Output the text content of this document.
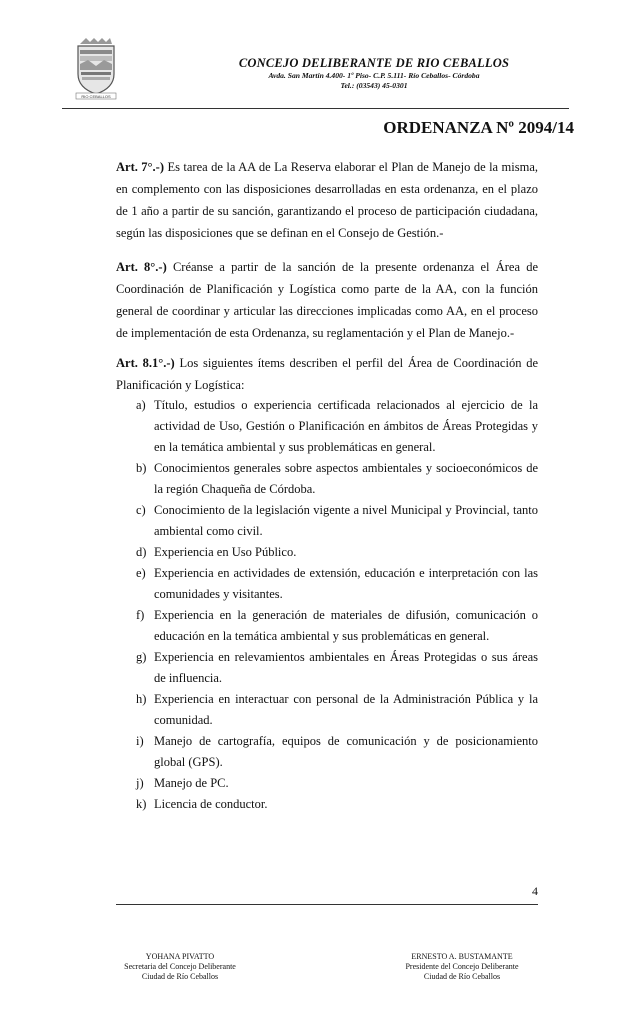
RIO CEBALLOS
CONCEJO DELIBERANTE DE RIO CEBALLOS
Avda. San Martín 4.400- 1º Piso- C.P. 5.111- Río Ceballos- Córdoba
Tel.: (03543) 45-0301
ORDENANZA Nº 2094/14

Art. 7°.-) Es tarea de la AA de La Reserva elaborar el Plan de Manejo de la misma, en complemento con las disposiciones desarrolladas en esta ordenanza, en el plazo de 1 año a partir de su sanción, garantizando el proceso de participación ciudadana, según las disposiciones que se definan en el Consejo de Gestión.-

Art. 8°.-) Créanse a partir de la sanción de la presente ordenanza el Área de Coordinación de Planificación y Logística como parte de la AA, con la función general de coordinar y articular las direcciones implicadas como AA, en el proceso de implementación de esta Ordenanza, su reglamentación y el Plan de Manejo.-

Art. 8.1°.-) Los siguientes ítems describen el perfil del Área de Coordinación de Planificación y Logística:

a) Título, estudios o experiencia certificada relacionados al ejercicio de la actividad de Uso, Gestión o Planificación en ámbitos de Áreas Protegidas y en la temática ambiental y sus problemáticas en general.
b) Conocimientos generales sobre aspectos ambientales y socioeconómicos de la región Chaqueña de Córdoba.
c) Conocimiento de la legislación vigente a nivel Municipal y Provincial, tanto ambiental como civil.
d) Experiencia en Uso Público.
e) Experiencia en actividades de extensión, educación e interpretación con las comunidades y visitantes.
f) Experiencia en la generación de materiales de difusión, comunicación o educación en la temática ambiental y sus problemáticas en general.
g) Experiencia en relevamientos ambientales en Áreas Protegidas o sus áreas de influencia.
h) Experiencia en interactuar con personal de la Administración Pública y la comunidad.
i) Manejo de cartografía, equipos de comunicación y de posicionamiento global (GPS).
j) Manejo de PC.
k) Licencia de conductor.
4
YOHANA PIVATTO
Secretaria del Concejo Deliberante
Ciudad de Río Ceballos
ERNESTO A. BUSTAMANTE
Presidente del Concejo Deliberante
Ciudad de Río Ceballos
